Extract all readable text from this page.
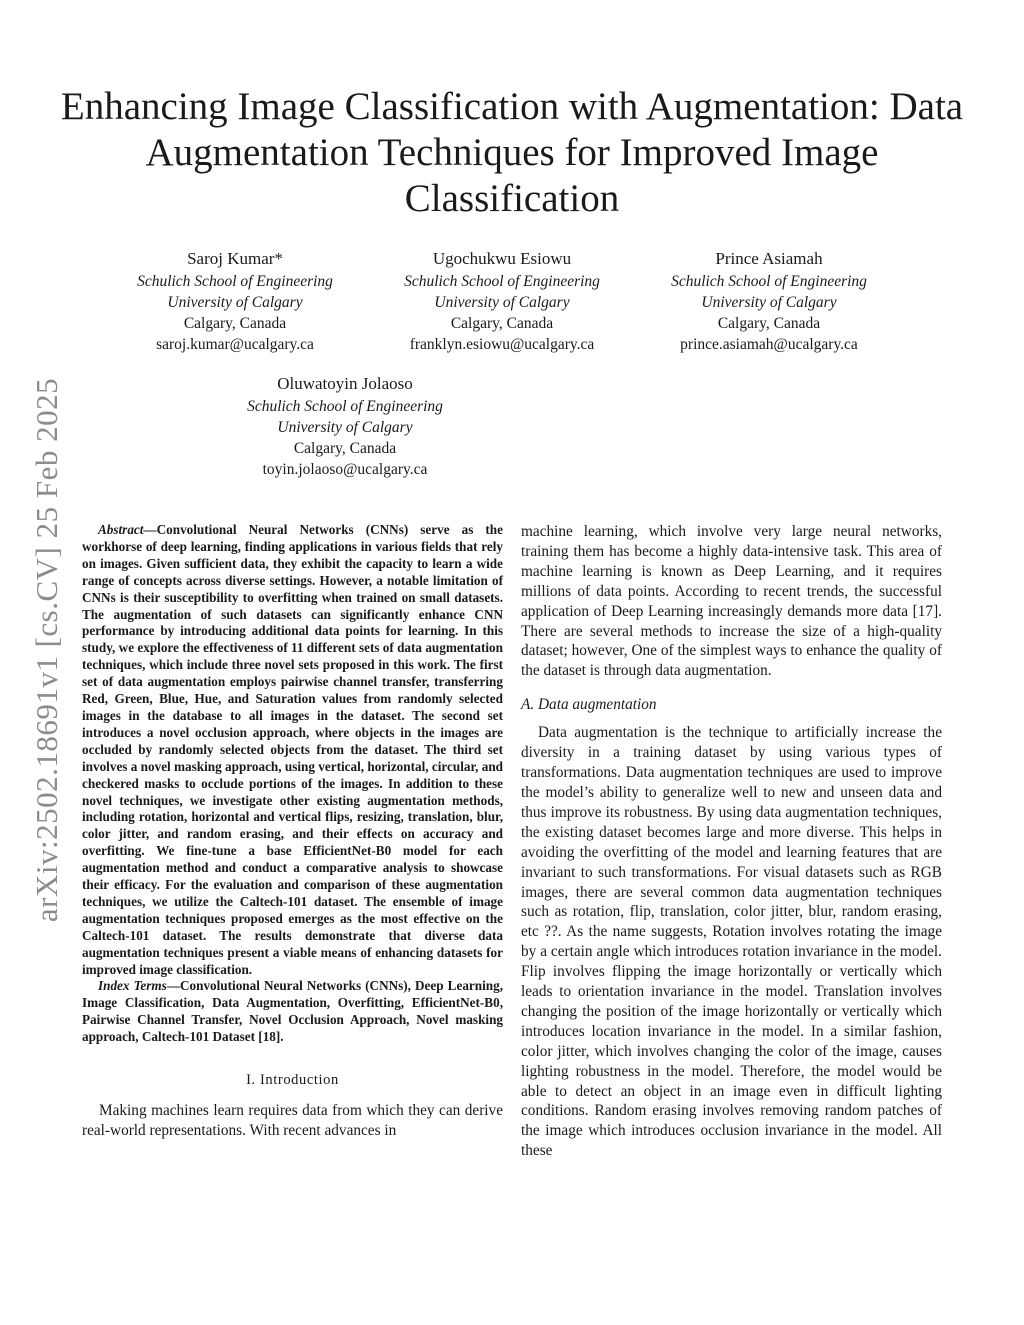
arXiv:2502.18691v1 [cs.CV] 25 Feb 2025
Enhancing Image Classification with Augmentation: Data Augmentation Techniques for Improved Image Classification
Saroj Kumar*
Schulich School of Engineering
University of Calgary
Calgary, Canada
saroj.kumar@ucalgary.ca
Ugochukwu Esiowu
Schulich School of Engineering
University of Calgary
Calgary, Canada
franklyn.esiowu@ucalgary.ca
Prince Asiamah
Schulich School of Engineering
University of Calgary
Calgary, Canada
prince.asiamah@ucalgary.ca
Oluwatoyin Jolaoso
Schulich School of Engineering
University of Calgary
Calgary, Canada
toyin.jolaoso@ucalgary.ca

Abstract—Convolutional Neural Networks (CNNs) serve as the workhorse of deep learning, finding applications in various fields that rely on images. Given sufficient data, they exhibit the capacity to learn a wide range of concepts across diverse settings. However, a notable limitation of CNNs is their susceptibility to overfitting when trained on small datasets. The augmentation of such datasets can significantly enhance CNN performance by introducing additional data points for learning. In this study, we explore the effectiveness of 11 different sets of data augmentation techniques, which include three novel sets proposed in this work. The first set of data augmentation employs pairwise channel transfer, transferring Red, Green, Blue, Hue, and Saturation values from randomly selected images in the database to all images in the dataset. The second set introduces a novel occlusion approach, where objects in the images are occluded by randomly selected objects from the dataset. The third set involves a novel masking approach, using vertical, horizontal, circular, and checkered masks to occlude portions of the images. In addition to these novel techniques, we investigate other existing augmentation methods, including rotation, horizontal and vertical flips, resizing, translation, blur, color jitter, and random erasing, and their effects on accuracy and overfitting. We fine-tune a base EfficientNet-B0 model for each augmentation method and conduct a comparative analysis to showcase their efficacy. For the evaluation and comparison of these augmentation techniques, we utilize the Caltech-101 dataset. The ensemble of image augmentation techniques proposed emerges as the most effective on the Caltech-101 dataset. The results demonstrate that diverse data augmentation techniques present a viable means of enhancing datasets for improved image classification.

Index Terms—Convolutional Neural Networks (CNNs), Deep Learning, Image Classification, Data Augmentation, Overfitting, EfficientNet-B0, Pairwise Channel Transfer, Novel Occlusion Approach, Novel masking approach, Caltech-101 Dataset [18].

I. Introduction

Making machines learn requires data from which they can derive real-world representations. With recent advances in

machine learning, which involve very large neural networks, training them has become a highly data-intensive task. This area of machine learning is known as Deep Learning, and it requires millions of data points. According to recent trends, the successful application of Deep Learning increasingly demands more data [17]. There are several methods to increase the size of a high-quality dataset; however, One of the simplest ways to enhance the quality of the dataset is through data augmentation.

A. Data augmentation

Data augmentation is the technique to artificially increase the diversity in a training dataset by using various types of transformations. Data augmentation techniques are used to improve the model’s ability to generalize well to new and unseen data and thus improve its robustness. By using data augmentation techniques, the existing dataset becomes large and more diverse. This helps in avoiding the overfitting of the model and learning features that are invariant to such transformations. For visual datasets such as RGB images, there are several common data augmentation techniques such as rotation, flip, translation, color jitter, blur, random erasing, etc ??. As the name suggests, Rotation involves rotating the image by a certain angle which introduces rotation invariance in the model. Flip involves flipping the image horizontally or vertically which leads to orientation invariance in the model. Translation involves changing the position of the image horizontally or vertically which introduces location invariance in the model. In a similar fashion, color jitter, which involves changing the color of the image, causes lighting robustness in the model. Therefore, the model would be able to detect an object in an image even in difficult lighting conditions. Random erasing involves removing random patches of the image which introduces occlusion invariance in the model. All these
